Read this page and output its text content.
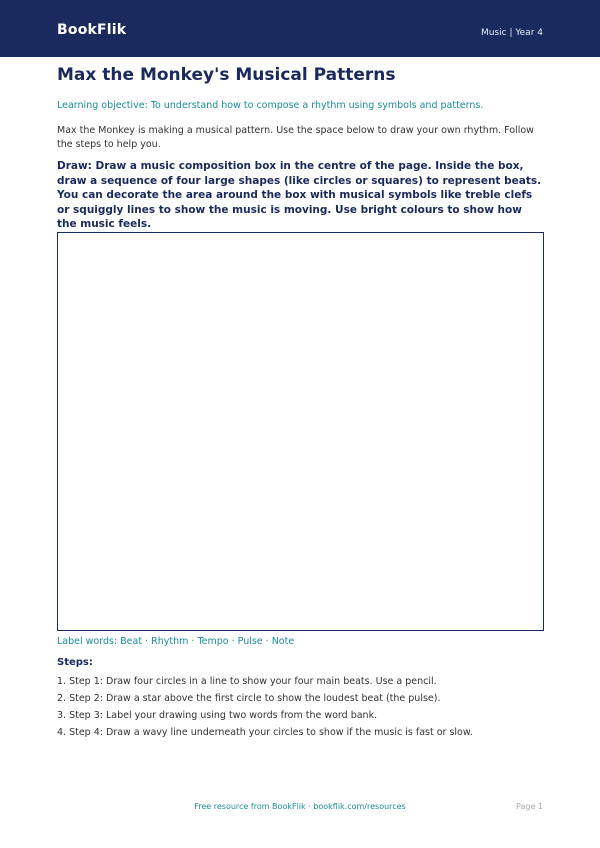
BookFlik	Music | Year 4
Max the Monkey's Musical Patterns
Learning objective: To understand how to compose a rhythm using symbols and patterns.
Max the Monkey is making a musical pattern. Use the space below to draw your own rhythm. Follow the steps to help you.
Draw: Draw a music composition box in the centre of the page. Inside the box, draw a sequence of four large shapes (like circles or squares) to represent beats. You can decorate the area around the box with musical symbols like treble clefs or squiggly lines to show the music is moving. Use bright colours to show how the music feels.
Label words: Beat · Rhythm · Tempo · Pulse · Note
Steps:
1. Step 1: Draw four circles in a line to show your four main beats. Use a pencil.
2. Step 2: Draw a star above the first circle to show the loudest beat (the pulse).
3. Step 3: Label your drawing using two words from the word bank.
4. Step 4: Draw a wavy line underneath your circles to show if the music is fast or slow.
Free resource from BookFlik · bookflik.com/resources	Page 1
